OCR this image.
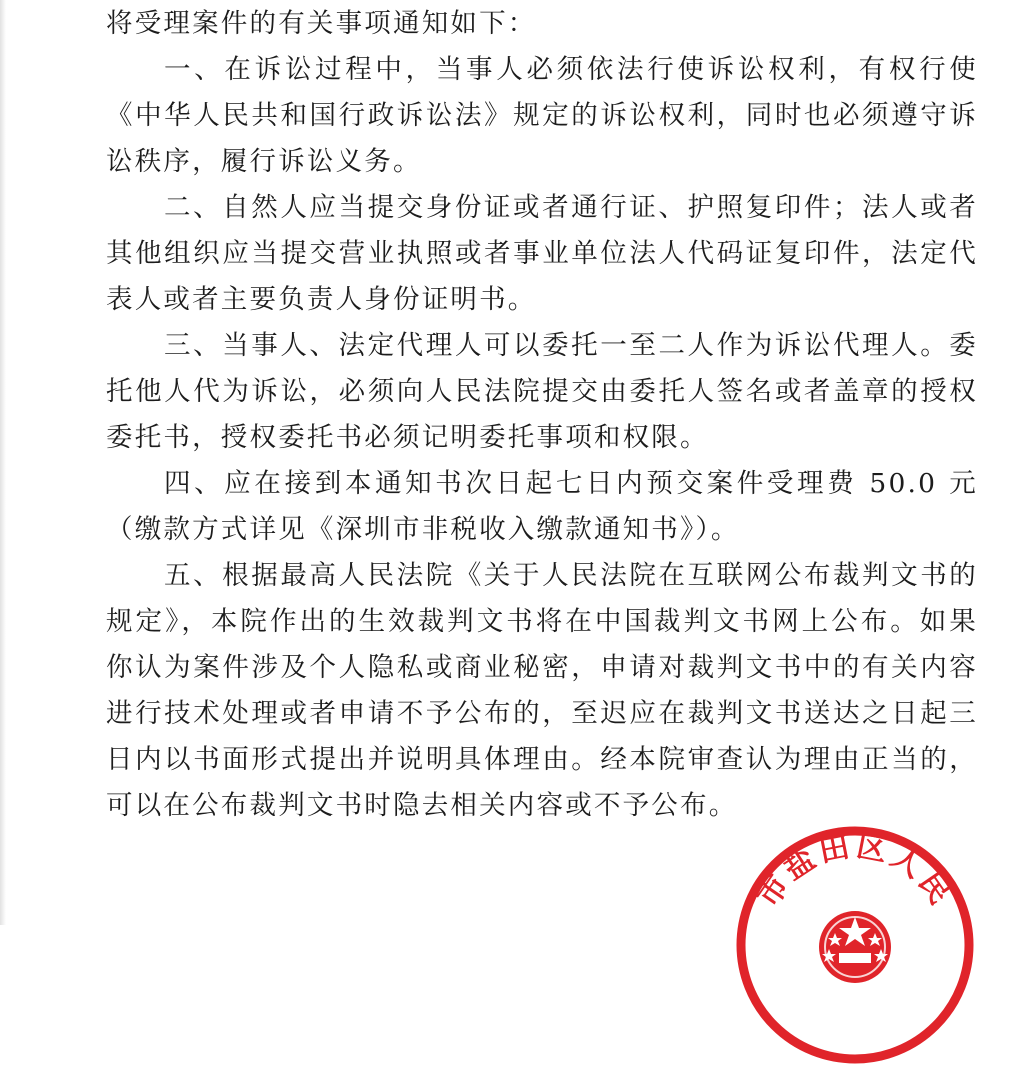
将受理案件的有关事项通知如下：

一、在诉讼过程中，当事人必须依法行使诉讼权利，有权行使《中华人民共和国行政诉讼法》规定的诉讼权利，同时也必须遵守诉讼秩序，履行诉讼义务。

二、自然人应当提交身份证或者通行证、护照复印件；法人或者其他组织应当提交营业执照或者事业单位法人代码证复印件，法定代表人或者主要负责人身份证明书。

三、当事人、法定代理人可以委托一至二人作为诉讼代理人。委托他人代为诉讼，必须向人民法院提交由委托人签名或者盖章的授权委托书，授权委托书必须记明委托事项和权限。

四、应在接到本通知书次日起七日内预交案件受理费 50.0 元（缴款方式详见《深圳市非税收入缴款通知书》）。

五、根据最高人民法院《关于人民法院在互联网公布裁判文书的规定》，本院作出的生效裁判文书将在中国裁判文书网上公布。如果你认为案件涉及个人隐私或商业秘密，申请对裁判文书中的有关内容进行技术处理或者申请不予公布的，至迟应在裁判文书送达之日起三日内以书面形式提出并说明具体理由。经本院审查认为理由正当的，可以在公布裁判文书时隐去相关内容或不予公布。

市盐田区人民
